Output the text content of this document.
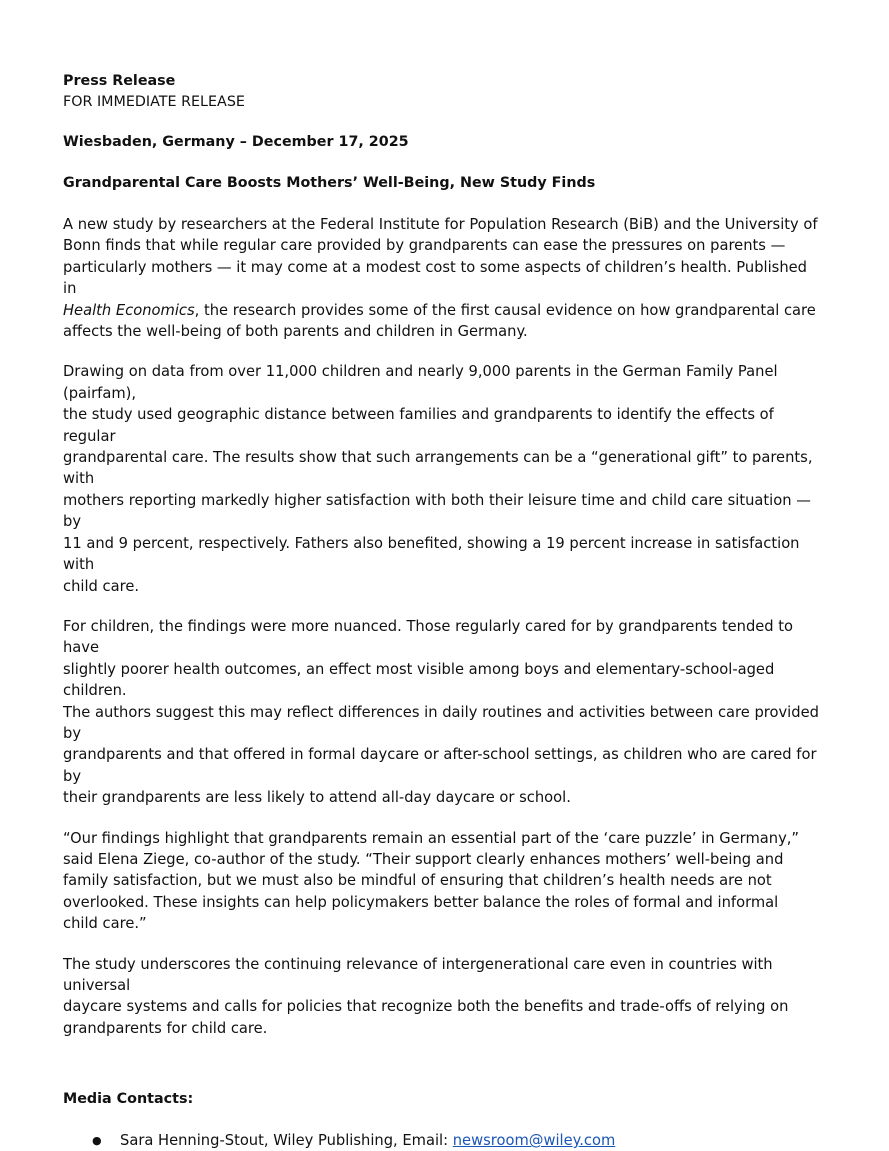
Press Release
FOR IMMEDIATE RELEASE
Wiesbaden, Germany – December 17, 2025
Grandparental Care Boosts Mothers’ Well-Being, New Study Finds
A new study by researchers at the Federal Institute for Population Research (BiB) and the University of
Bonn finds that while regular care provided by grandparents can ease the pressures on parents —
particularly mothers — it may come at a modest cost to some aspects of children’s health. Published in
Health Economics, the research provides some of the first causal evidence on how grandparental care
affects the well-being of both parents and children in Germany.
Drawing on data from over 11,000 children and nearly 9,000 parents in the German Family Panel (pairfam),
the study used geographic distance between families and grandparents to identify the effects of regular
grandparental care. The results show that such arrangements can be a “generational gift” to parents, with
mothers reporting markedly higher satisfaction with both their leisure time and child care situation — by
11 and 9 percent, respectively. Fathers also benefited, showing a 19 percent increase in satisfaction with
child care.
For children, the findings were more nuanced. Those regularly cared for by grandparents tended to have
slightly poorer health outcomes, an effect most visible among boys and elementary-school-aged children.
The authors suggest this may reflect differences in daily routines and activities between care provided by
grandparents and that offered in formal daycare or after-school settings, as children who are cared for by
their grandparents are less likely to attend all-day daycare or school.
“Our findings highlight that grandparents remain an essential part of the ‘care puzzle’ in Germany,”
said Elena Ziege, co-author of the study. “Their support clearly enhances mothers’ well-being and
family satisfaction, but we must also be mindful of ensuring that children’s health needs are not
overlooked. These insights can help policymakers better balance the roles of formal and informal
child care.”
The study underscores the continuing relevance of intergenerational care even in countries with universal
daycare systems and calls for policies that recognize both the benefits and trade-offs of relying on
grandparents for child care.
Media Contacts:
● Sara Henning-Stout, Wiley Publishing, Email: newsroom@wiley.com
